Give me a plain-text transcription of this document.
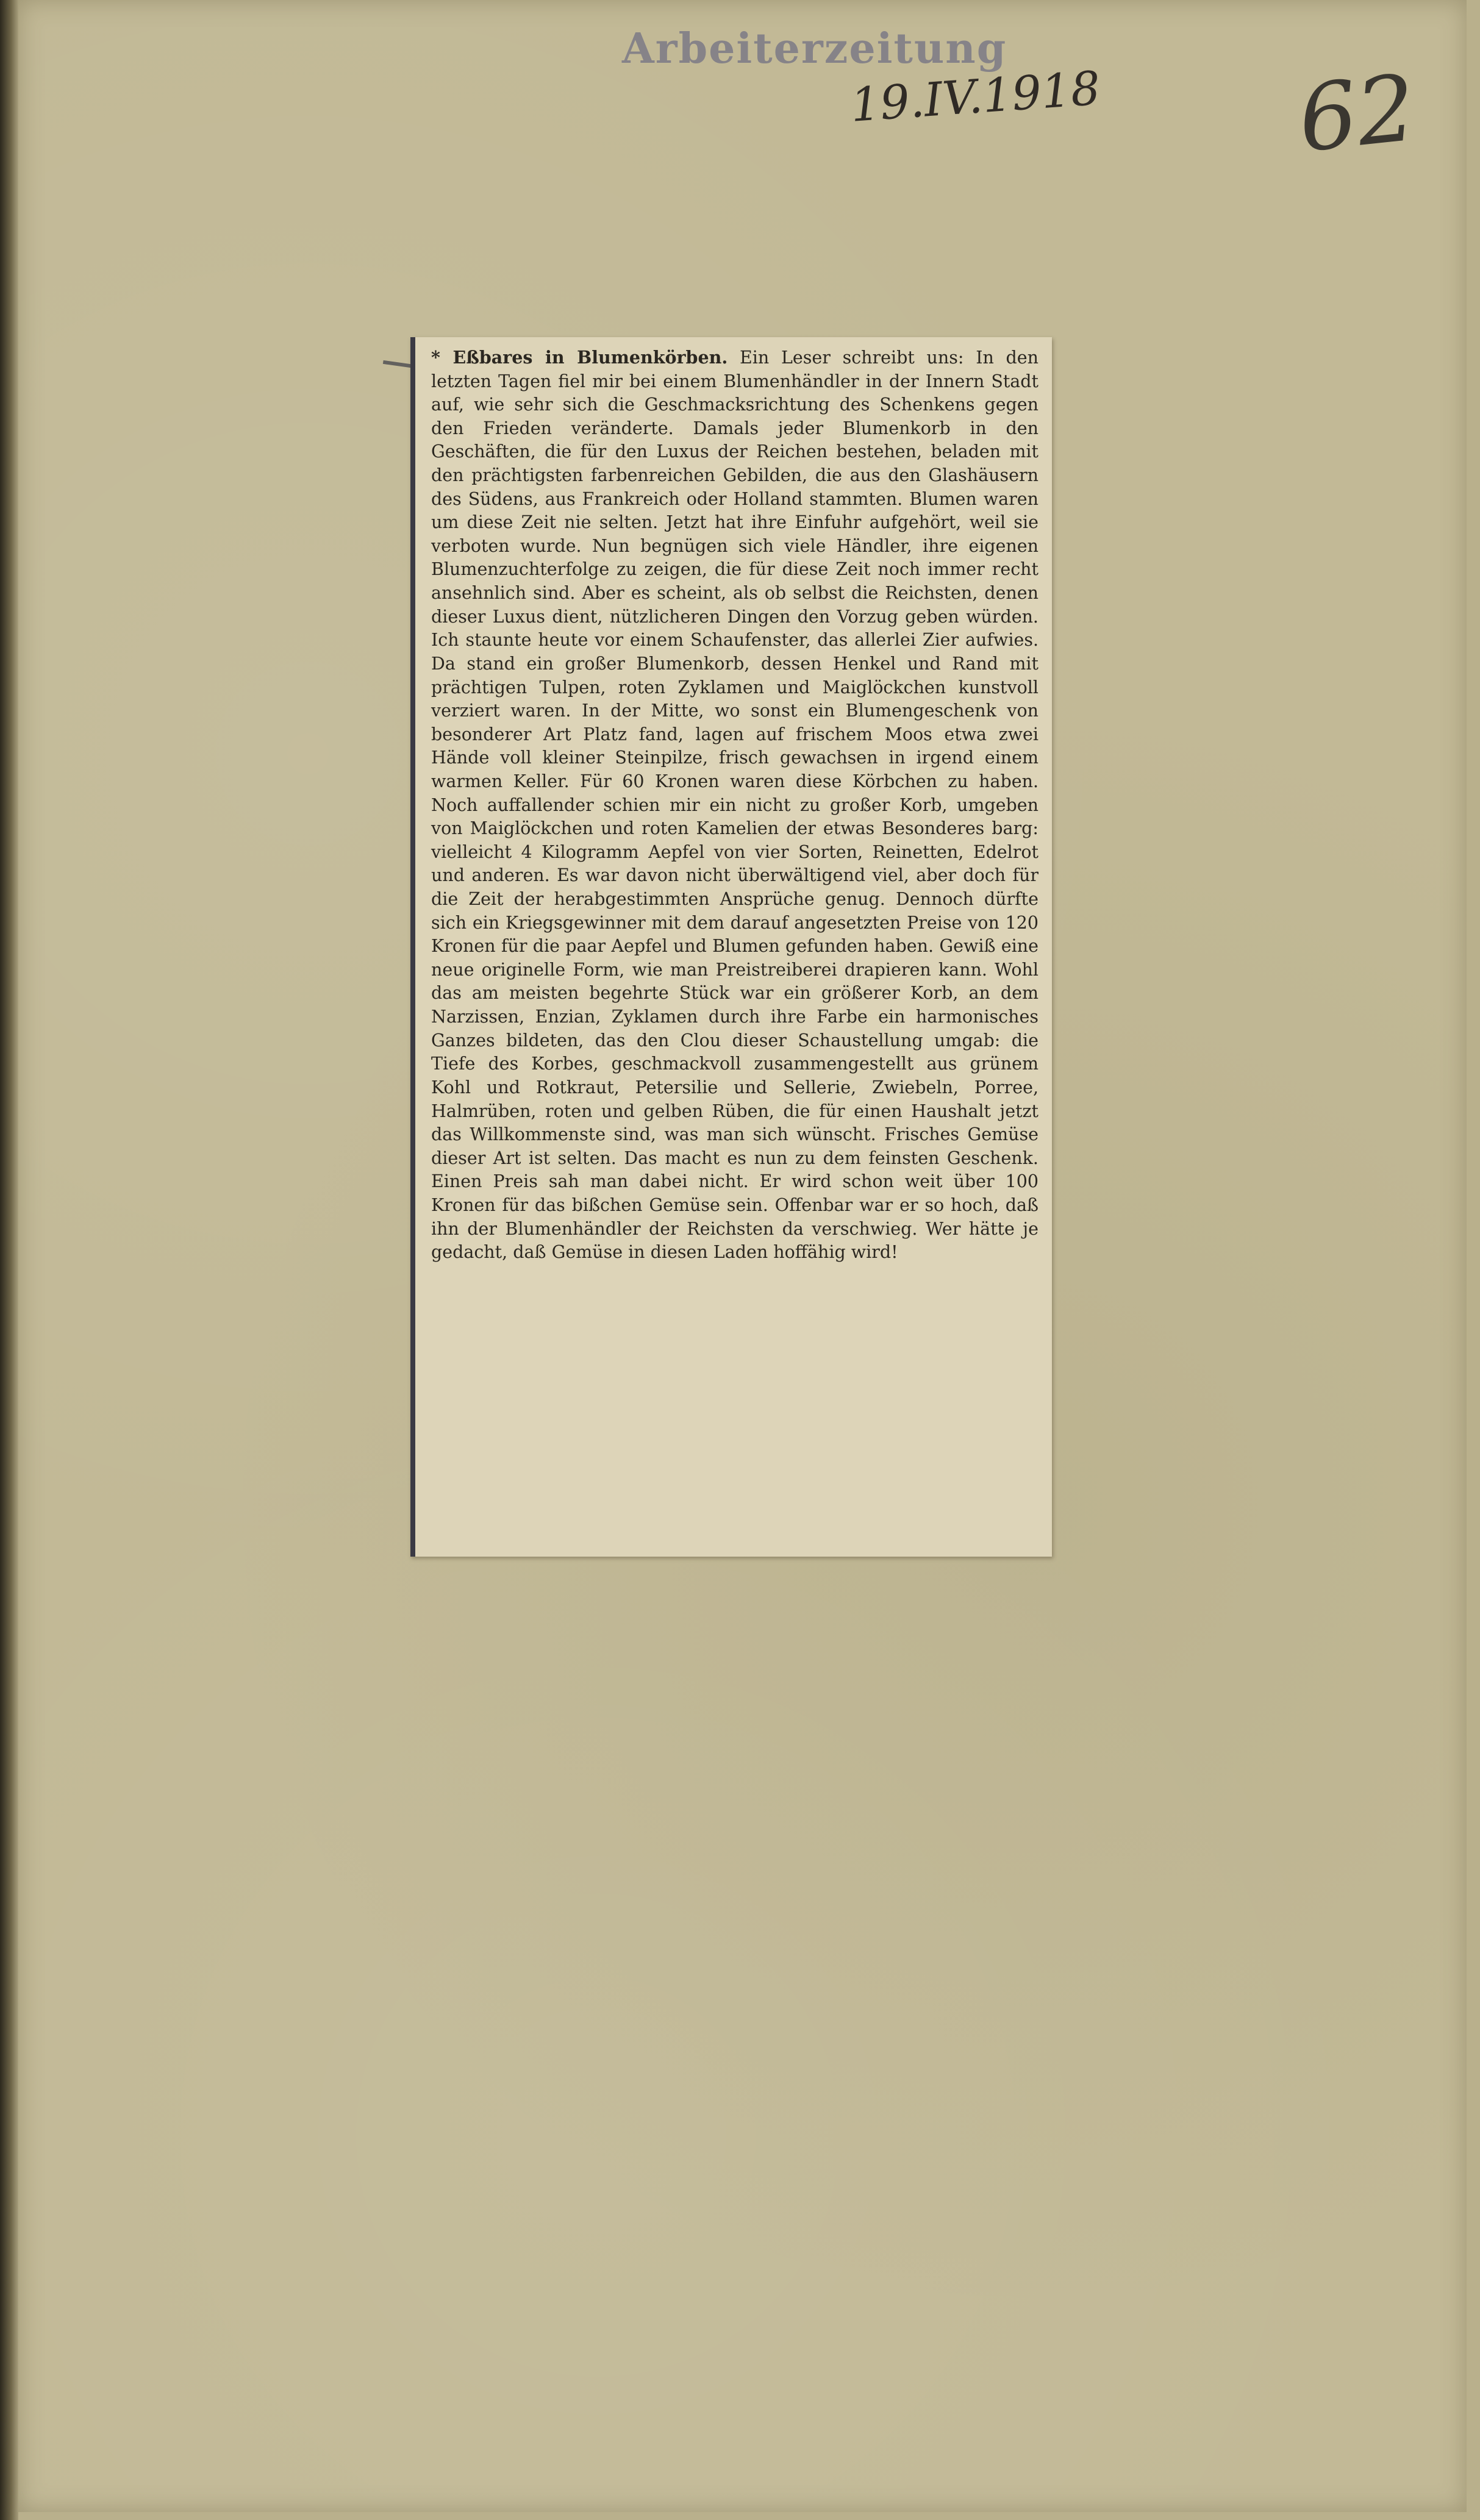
Arbeiterzeitung
19.IV.1918 62

* Eßbares in Blumenkörben. Ein Leser schreibt uns: In den letzten Tagen fiel mir bei einem Blumenhändler in der Innern Stadt auf, wie sehr sich die Geschmacksrichtung des Schenkens gegen den Frieden veränderte. Damals jeder Blumenkorb in den Geschäften, die für den Luxus der Reichen bestehen, beladen mit den prächtigsten farbenreichen Gebilden, die aus den Glashäusern des Südens, aus Frankreich oder Holland stammten. Blumen waren um diese Zeit nie selten. Jetzt hat ihre Einfuhr aufgehört, weil sie verboten wurde. Nun begnügen sich viele Händler, ihre eigenen Blumenzuchterfolge zu zeigen, die für diese Zeit noch immer recht ansehnlich sind. Aber es scheint, als ob selbst die Reichsten, denen dieser Luxus dient, nützlicheren Dingen den Vorzug geben würden. Ich staunte heute vor einem Schaufenster, das allerlei Zier aufwies. Da stand ein großer Blumenkorb, dessen Henkel und Rand mit prächtigen Tulpen, roten Zyklamen und Maiglöckchen kunstvoll verziert waren. In der Mitte, wo sonst ein Blumengeschenk von besonderer Art Platz fand, lagen auf frischem Moos etwa zwei Hände voll kleiner Steinpilze, frisch gewachsen in irgend einem warmen Keller. Für 60 Kronen waren diese Körbchen zu haben. Noch auffallender schien mir ein nicht zu großer Korb, umgeben von Maiglöckchen und roten Kamelien der etwas Besonderes barg: vielleicht 4 Kilogramm Aepfel von vier Sorten, Reinetten, Edelrot und anderen. Es war davon nicht überwältigend viel, aber doch für die Zeit der herabgestimmten Ansprüche genug. Dennoch dürfte sich ein Kriegsgewinner mit dem darauf angesetzten Preise von 120 Kronen für die paar Aepfel und Blumen gefunden haben. Gewiß eine neue originelle Form, wie man Preistreiberei drapieren kann. Wohl das am meisten begehrte Stück war ein größerer Korb, an dem Narzissen, Enzian, Zyklamen durch ihre Farbe ein harmonisches Ganzes bildeten, das den Clou dieser Schaustellung umgab: die Tiefe des Korbes, geschmackvoll zusammengestellt aus grünem Kohl und Rotkraut, Petersilie und Sellerie, Zwiebeln, Porree, Halmrüben, roten und gelben Rüben, die für einen Haushalt jetzt das Willkommenste sind, was man sich wünscht. Frisches Gemüse dieser Art ist selten. Das macht es nun zu dem feinsten Geschenk. Einen Preis sah man dabei nicht. Er wird schon weit über 100 Kronen für das bißchen Gemüse sein. Offenbar war er so hoch, daß ihn der Blumenhändler der Reichsten da verschwieg. Wer hätte je gedacht, daß Gemüse in diesen Laden hoffähig wird!
